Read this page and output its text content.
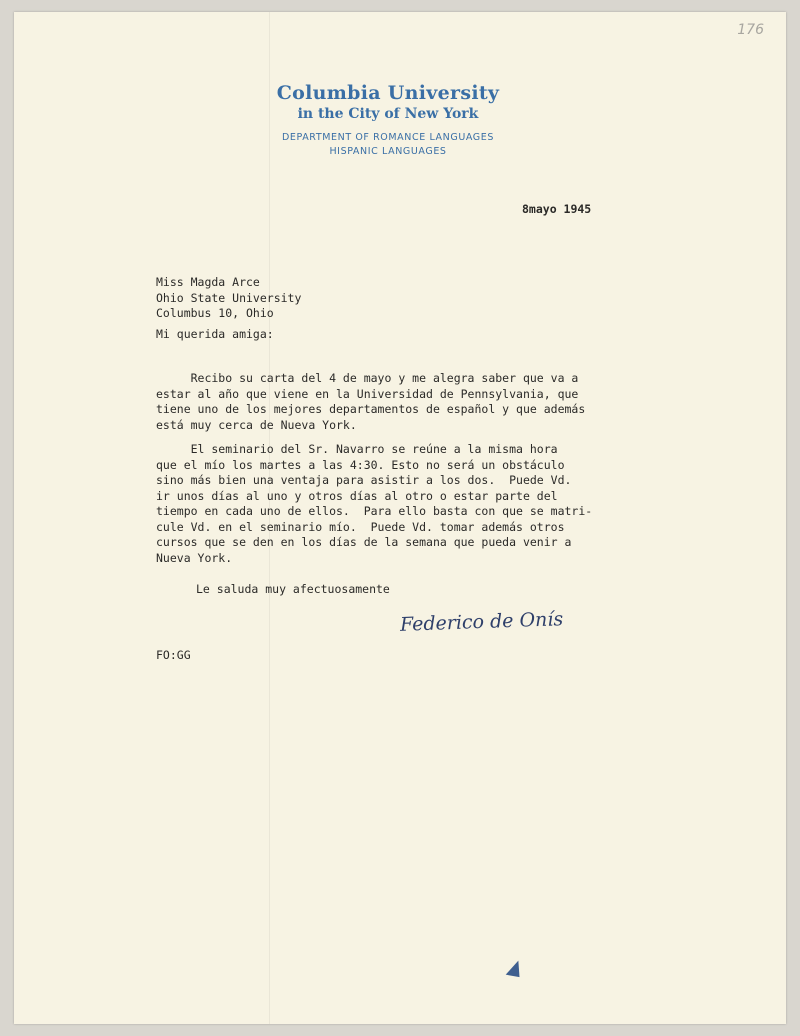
176
Columbia University
in the City of New York
DEPARTMENT OF ROMANCE LANGUAGES
HISPANIC LANGUAGES
8mayo 1945
Miss Magda Arce
Ohio State University
Columbus 10, Ohio
Mi querida amiga:
Recibo su carta del 4 de mayo y me alegra saber que va a
estar al año que viene en la Universidad de Pennsylvania, que
tiene uno de los mejores departamentos de español y que además
está muy cerca de Nueva York.
El seminario del Sr. Navarro se reúne a la misma hora
que el mío los martes a las 4:30. Esto no será un obstáculo
sino más bien una ventaja para asistir a los dos.  Puede Vd.
ir unos días al uno y otros días al otro o estar parte del
tiempo en cada uno de ellos.  Para ello basta con que se matri-
cule Vd. en el seminario mío.  Puede Vd. tomar además otros
cursos que se den en los días de la semana que pueda venir a
Nueva York.
Le saluda muy afectuosamente
Federico de Onís
FO:GG
